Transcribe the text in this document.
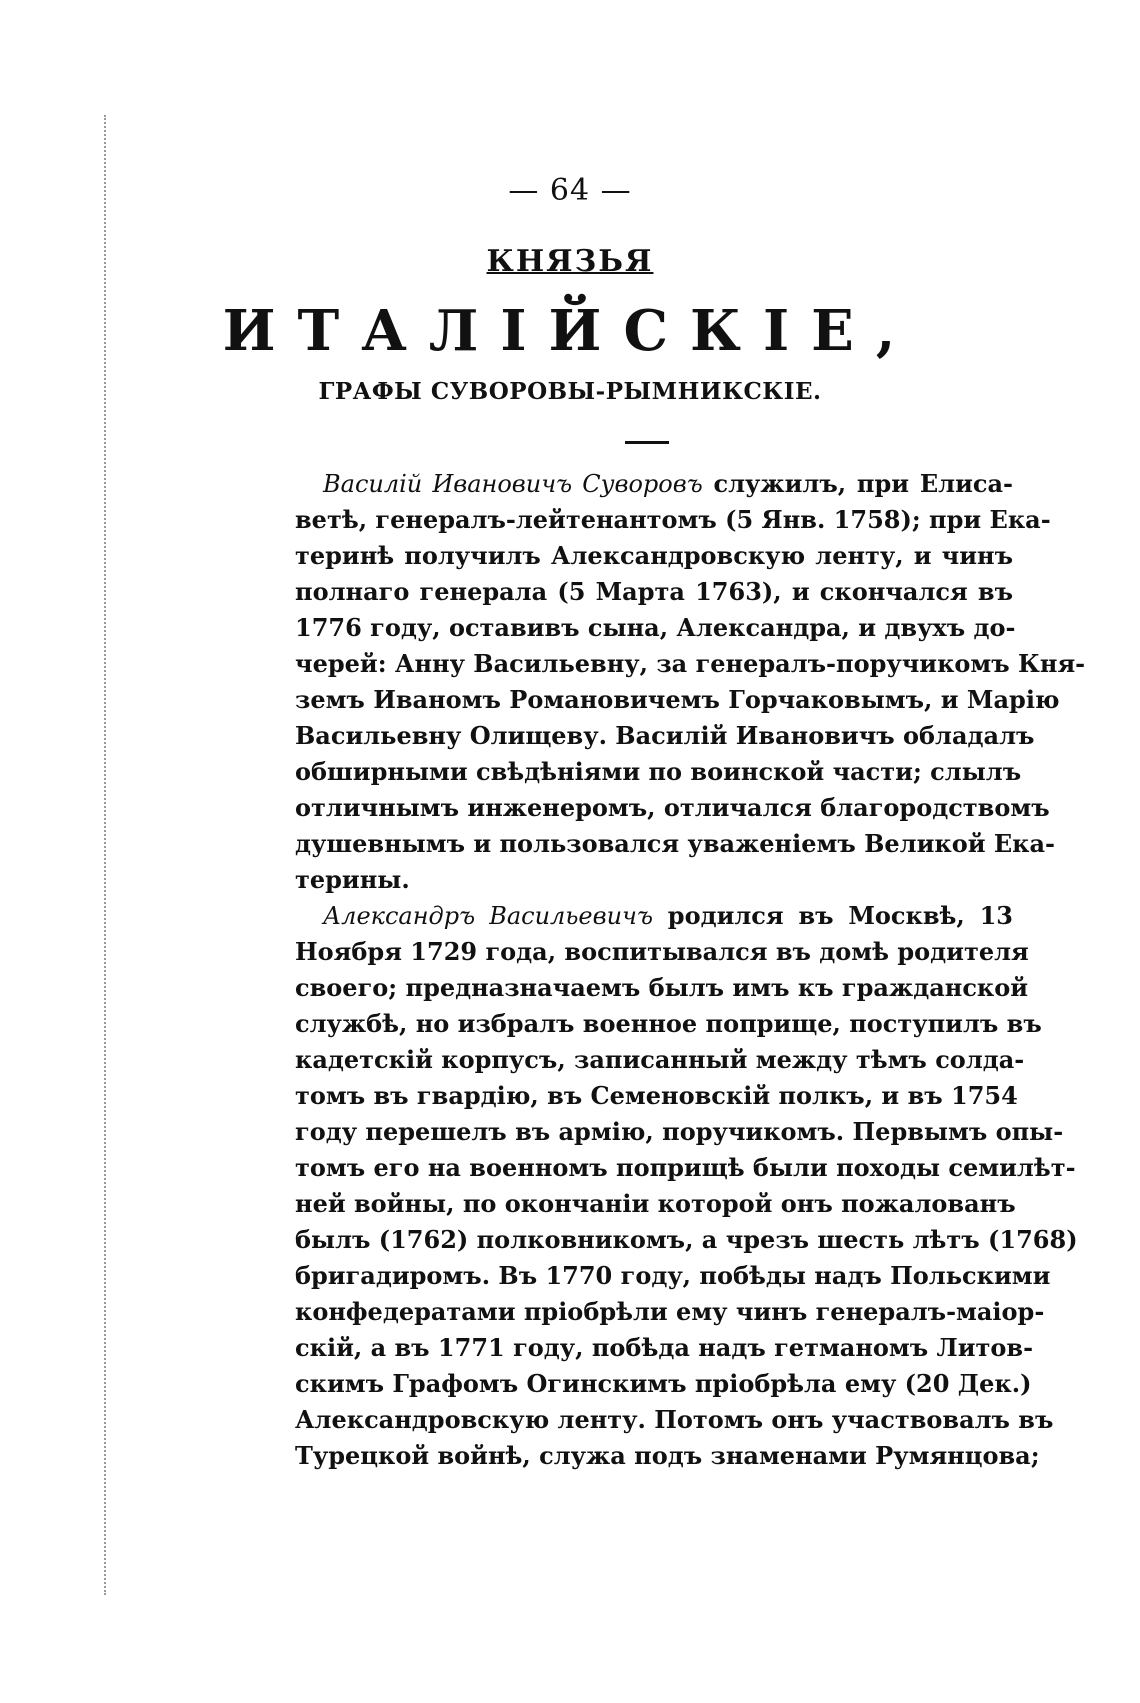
— 64 —
КНЯЗЬЯ
ИТАЛІЙСКІЕ,
ГРАФЫ СУВОРОВЫ-РЫМНИКСКІЕ.
Василій Ивановичъ Суворовъ служилъ, при Елиса-
ветѣ, генералъ-лейтенантомъ (5 Янв. 1758); при Ека-
теринѣ получилъ Александровскую ленту, и чинъ
полнаго генерала (5 Марта 1763), и скончался въ
1776 году, оставивъ сына, Александра, и двухъ до-
черей: Анну Васильевну, за генералъ-поручикомъ Кня-
земъ Иваномъ Романовичемъ Горчаковымъ, и Марію
Васильевну Олищеву. Василій Ивановичъ обладалъ
обширными свѣдѣніями по воинской части; слылъ
отличнымъ инженеромъ, отличался благородствомъ
душевнымъ и пользовался уваженіемъ Великой Ека-
терины.
Александръ Васильевичъ родился въ Москвѣ, 13
Ноября 1729 года, воспитывался въ домѣ родителя
своего; предназначаемъ былъ имъ къ гражданской
службѣ, но избралъ военное поприще, поступилъ въ
кадетскій корпусъ, записанный между тѣмъ солда-
томъ въ гвардію, въ Семеновскій полкъ, и въ 1754
году перешелъ въ армію, поручикомъ. Первымъ опы-
томъ его на военномъ поприщѣ были походы семилѣт-
ней войны, по окончаніи которой онъ пожалованъ
былъ (1762) полковникомъ, а чрезъ шесть лѣтъ (1768)
бригадиромъ. Въ 1770 году, побѣды надъ Польскими
конфедератами пріобрѣли ему чинъ генералъ-маіор-
скій, а въ 1771 году, побѣда надъ гетманомъ Литов-
скимъ Графомъ Огинскимъ пріобрѣла ему (20 Дек.)
Александровскую ленту. Потомъ онъ участвовалъ въ
Турецкой войнѣ, служа подъ знаменами Румянцова;
